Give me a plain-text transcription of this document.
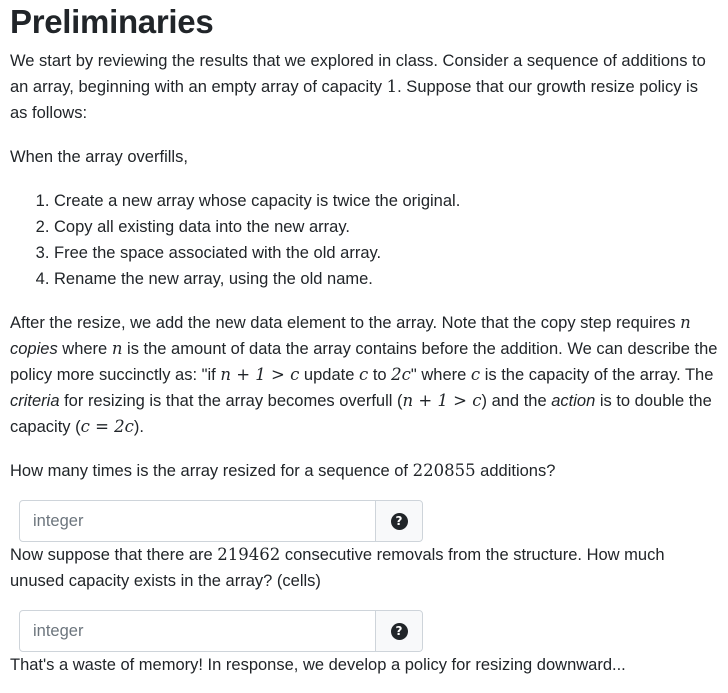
Preliminaries

We start by reviewing the results that we explored in class. Consider a sequence of additions to an array, beginning with an empty array of capacity 1. Suppose that our growth resize policy is as follows:

When the array overfills,

1. Create a new array whose capacity is twice the original.
2. Copy all existing data into the new array.
3. Free the space associated with the old array.
4. Rename the new array, using the old name.

After the resize, we add the new data element to the array. Note that the copy step requires n copies where n is the amount of data the array contains before the addition. We can describe the policy more succinctly as: "if n + 1 > c update c to 2c" where c is the capacity of the array. The criteria for resizing is that the array becomes overfull (n + 1 > c) and the action is to double the capacity (c = 2c).

How many times is the array resized for a sequence of 220855 additions?

integer
?

Now suppose that there are 219462 consecutive removals from the structure. How much unused capacity exists in the array? (cells)

integer
?

That's a waste of memory! In response, we develop a policy for resizing downward...
